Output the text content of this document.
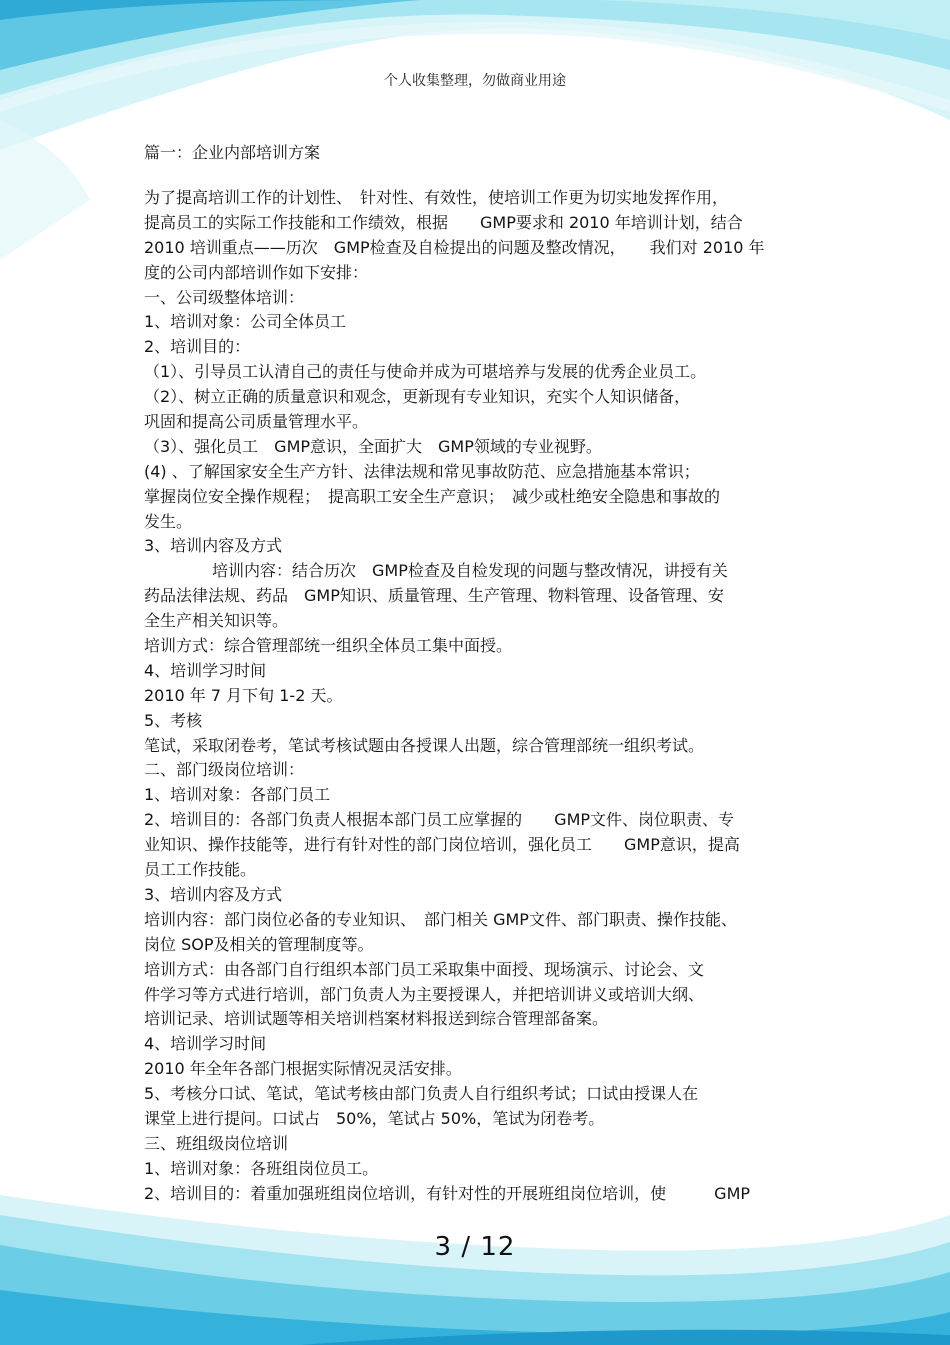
个人收集整理，勿做商业用途
篇一：企业内部培训方案
为了提高培训工作的计划性、　针对性、有效性，使培训工作更为切实地发挥作用，
提高员工的实际工作技能和工作绩效，根据　　GMP要求和 2010 年培训计划，结合
2010 培训重点——历次　GMP检查及自检提出的问题及整改情况，　　我们对 2010 年
度的公司内部培训作如下安排：
一、公司级整体培训：
1、培训对象：公司全体员工
2、培训目的：
（1）、引导员工认清自己的责任与使命并成为可堪培养与发展的优秀企业员工。
（2）、树立正确的质量意识和观念，更新现有专业知识，充实个人知识储备，
巩固和提高公司质量管理水平。
（3）、强化员工　GMP意识，全面扩大　GMP领域的专业视野。
(4) 、了解国家安全生产方针、法律法规和常见事故防范、应急措施基本常识；
掌握岗位安全操作规程；　提高职工安全生产意识；　减少或杜绝安全隐患和事故的
发生。
3、培训内容及方式
培训内容：结合历次　GMP检查及自检发现的问题与整改情况，讲授有关
药品法律法规、药品　GMP知识、质量管理、生产管理、物料管理、设备管理、安
全生产相关知识等。
培训方式：综合管理部统一组织全体员工集中面授。
4、培训学习时间
2010 年 7 月下旬 1-2 天。
5、考核
笔试，采取闭卷考，笔试考核试题由各授课人出题，综合管理部统一组织考试。
二、部门级岗位培训：
1、培训对象：各部门员工
2、培训目的：各部门负责人根据本部门员工应掌握的　　GMP文件、岗位职责、专
业知识、操作技能等，进行有针对性的部门岗位培训，强化员工　　GMP意识，提高
员工工作技能。
3、培训内容及方式
培训内容：部门岗位必备的专业知识、　部门相关 GMP文件、部门职责、操作技能、
岗位 SOP及相关的管理制度等。
培训方式：由各部门自行组织本部门员工采取集中面授、现场演示、讨论会、文
件学习等方式进行培训，部门负责人为主要授课人，并把培训讲义或培训大纲、
培训记录、培训试题等相关培训档案材料报送到综合管理部备案。
4、培训学习时间
2010 年全年各部门根据实际情况灵活安排。
5、考核分口试、笔试，笔试考核由部门负责人自行组织考试；口试由授课人在
课堂上进行提问。口试占　50%，笔试占 50%，笔试为闭卷考。
三、班组级岗位培训
1、培训对象：各班组岗位员工。
2、培训目的：着重加强班组岗位培训，有针对性的开展班组岗位培训，使　　　GMP
3 / 12
